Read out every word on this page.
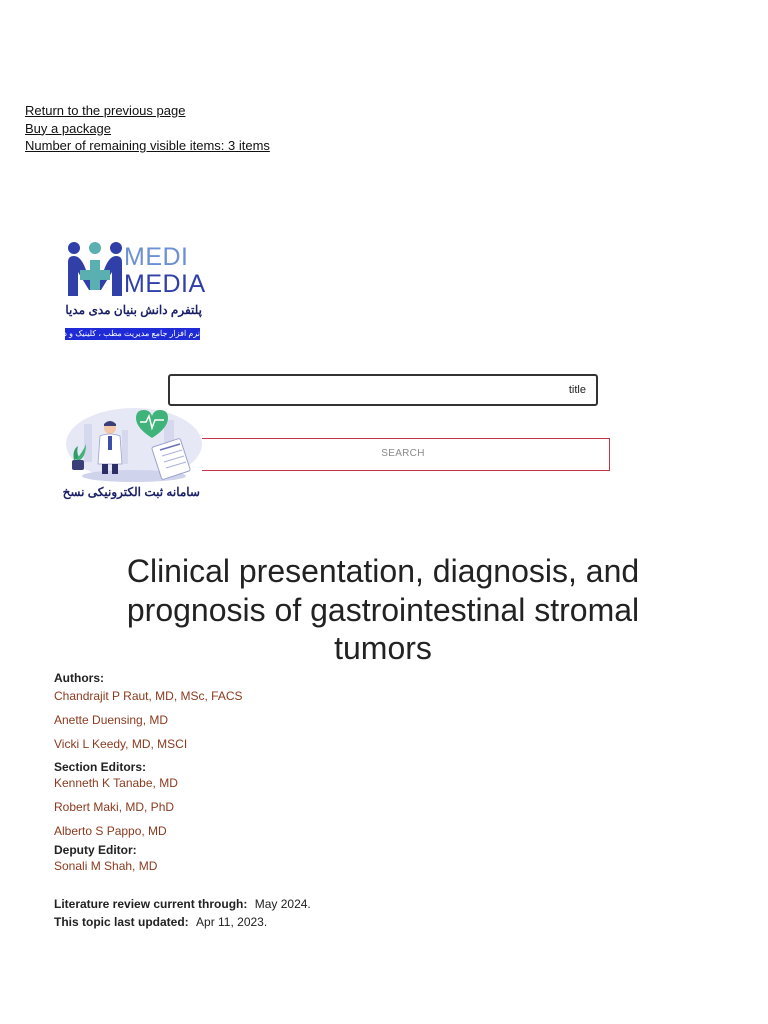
Return to the previous page
Buy a package
Number of remaining visible items: 3 items
MEDI
MEDIA
پلتفرم دانش بنیان مدی مدیا
نرم افزار جامع مدیریت مطب ، کلینیک و درمانگاه
title
SEARCH
سامانه ثبت الکترونیکی نسخ
Clinical presentation, diagnosis, and prognosis of gastrointestinal stromal tumors
Authors:
Chandrajit P Raut, MD, MSc, FACS
Anette Duensing, MD
Vicki L Keedy, MD, MSCI
Section Editors:
Kenneth K Tanabe, MD
Robert Maki, MD, PhD
Alberto S Pappo, MD
Deputy Editor:
Sonali M Shah, MD
Literature review current through: May 2024.
This topic last updated: Apr 11, 2023.
